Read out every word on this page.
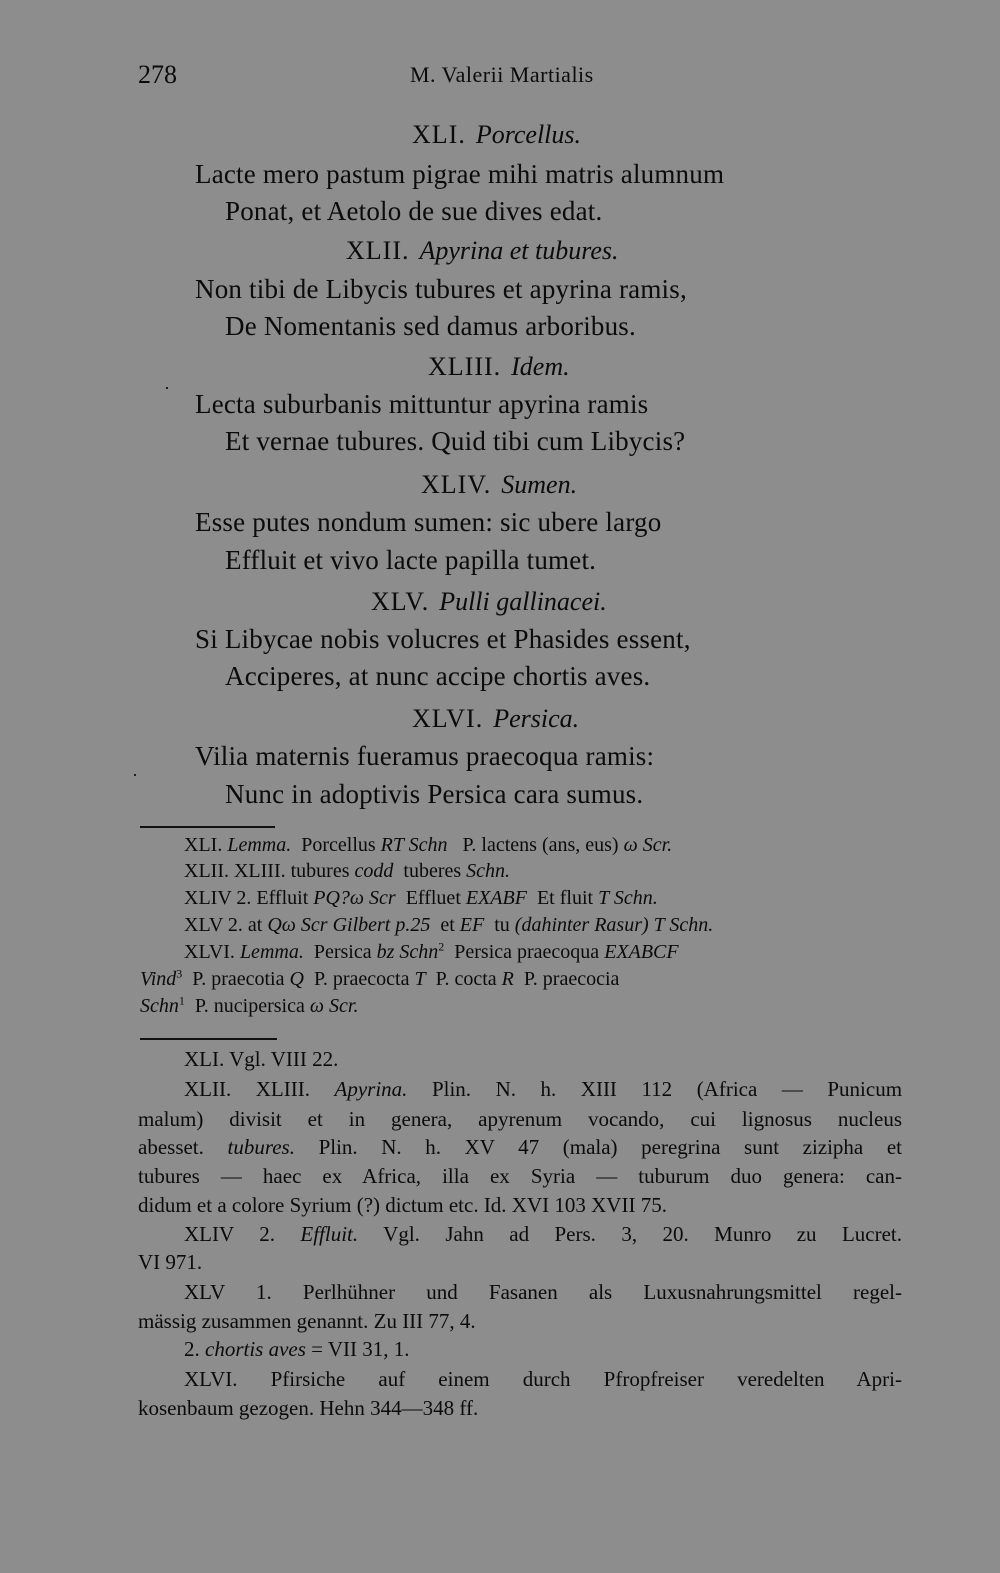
278	M. Valerii Martialis
XLI. Porcellus.
Lacte mero pastum pigrae mihi matris alumnum
Ponat, et Aetolo de sue dives edat.
XLII. Apyrina et tubures.
Non tibi de Libycis tubures et apyrina ramis,
De Nomentanis sed damus arboribus.
XLIII. Idem.
Lecta suburbanis mittuntur apyrina ramis
Et vernae tubures. Quid tibi cum Libycis?
XLIV. Sumen.
Esse putes nondum sumen: sic ubere largo
Effluit et vivo lacte papilla tumet.
XLV. Pulli gallinacei.
Si Libycae nobis volucres et Phasides essent,
Acciperes, at nunc accipe chortis aves.
XLVI. Persica.
Vilia maternis fueramus praecoqua ramis:
Nunc in adoptivis Persica cara sumus.
·
·
XLI. Lemma. Porcellus RT Schn P. lactens (ans, eus) ω Scr.
XLII. XLIII. tubures codd tuberes Schn.
XLIV 2. Effluit PQ?ω Scr Effluet EXABF Et fluit T Schn.
XLV 2. at Qω Scr Gilbert p.25 et EF tu (dahinter Rasur) T Schn.
XLVI. Lemma. Persica bz Schn$^2$ Persica praecoqua EXABCF
Vind$^3$ P. praecotia Q P. praecocta T P. cocta R P. praecocia
Schn$^1$ P. nucipersica ω Scr.
XLI. Vgl. VIII 22.
XLII. XLIII. Apyrina. Plin. N. h. XIII 112 (Africa — Punicum
malum) divisit et in genera, apyrenum vocando, cui lignosus nucleus
abesset. tubures. Plin. N. h. XV 47 (mala) peregrina sunt zizipha et
tubures — haec ex Africa, illa ex Syria — tuburum duo genera: can-
didum et a colore Syrium (?) dictum etc. Id. XVI 103 XVII 75.
XLIV 2. Effluit. Vgl. Jahn ad Pers. 3, 20. Munro zu Lucret.
VI 971.
XLV 1. Perlhühner und Fasanen als Luxusnahrungsmittel regel-
mässig zusammen genannt. Zu III 77, 4.
2. chortis aves = VII 31, 1.
XLVI. Pfirsiche auf einem durch Pfropfreiser veredelten Apri-
kosenbaum gezogen. Hehn 344—348 ff.
